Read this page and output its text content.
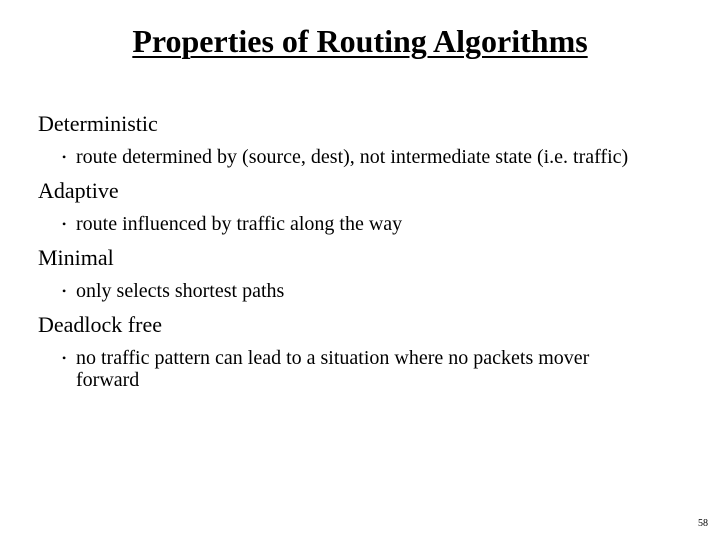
Properties of Routing Algorithms
Deterministic
• route determined by (source, dest), not intermediate state (i.e. traffic)
Adaptive
• route influenced by traffic along the way
Minimal
• only selects shortest paths
Deadlock free
• no traffic pattern can lead to a situation where no packets mover forward
58
